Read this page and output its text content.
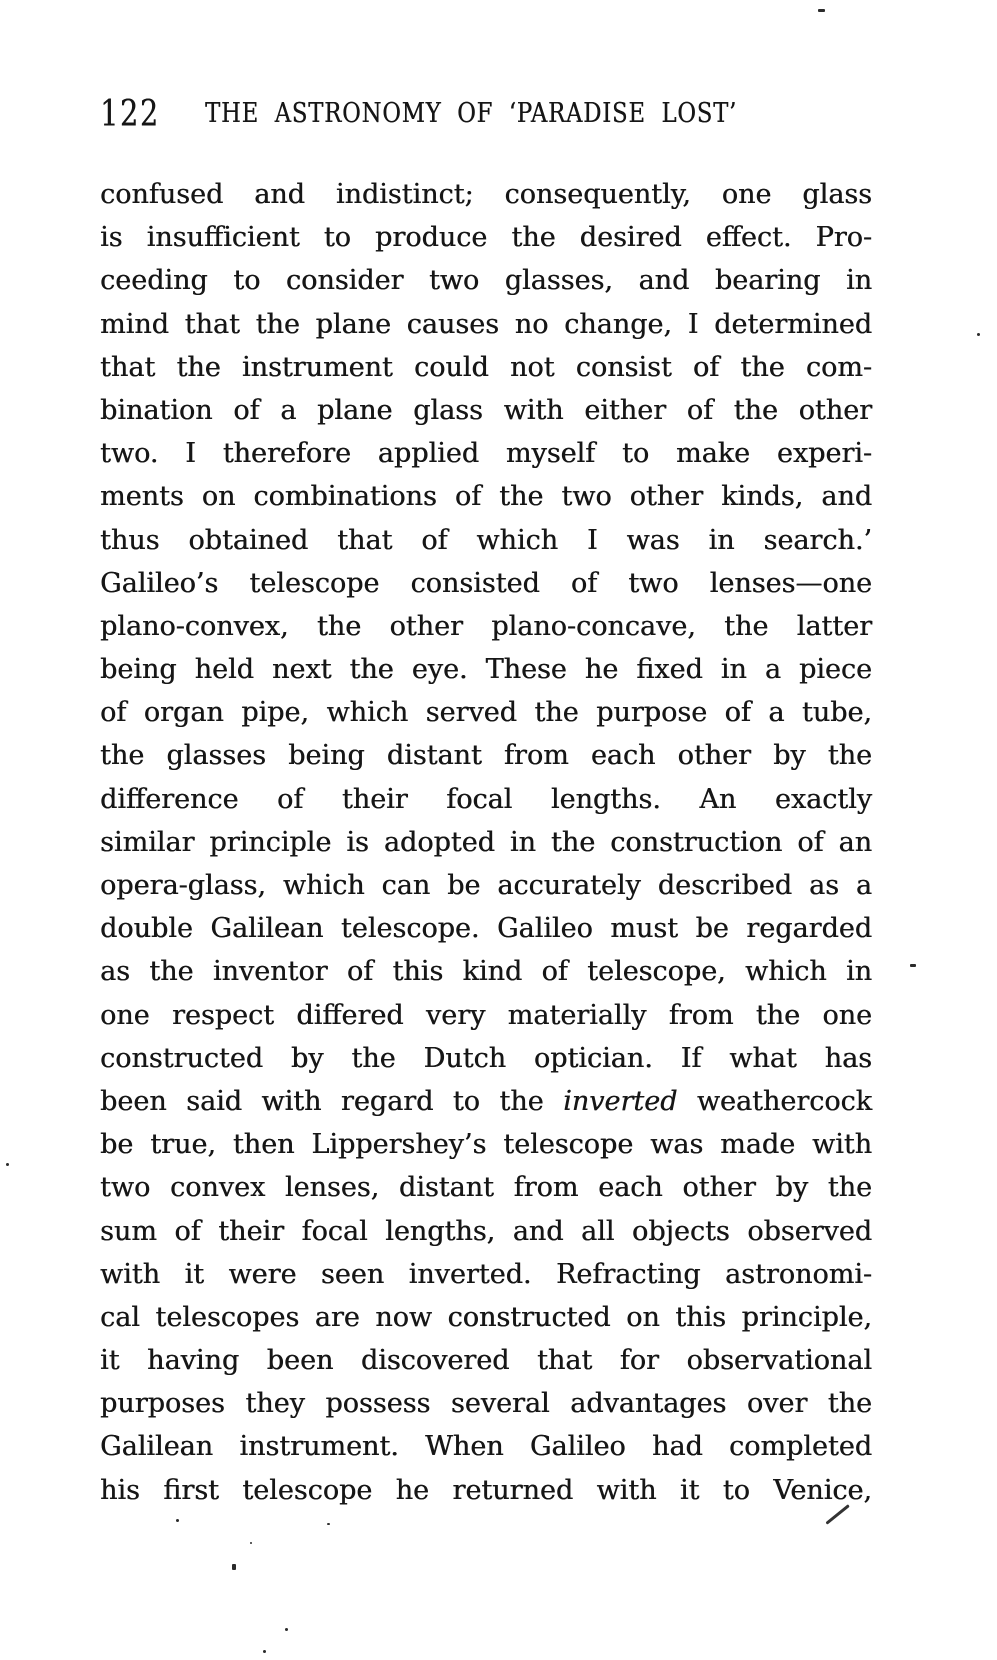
122 THE ASTRONOMY OF ‘PARADISE LOST’
confused and indistinct; consequently, one glass
is insufficient to produce the desired effect. Pro-
ceeding to consider two glasses, and bearing in
mind that the plane causes no change, I determined
that the instrument could not consist of the com-
bination of a plane glass with either of the other
two. I therefore applied myself to make experi-
ments on combinations of the two other kinds, and
thus obtained that of which I was in search.’
Galileo’s telescope consisted of two lenses—one
plano-convex, the other plano-concave, the latter
being held next the eye. These he fixed in a piece
of organ pipe, which served the purpose of a tube,
the glasses being distant from each other by the
difference of their focal lengths. An exactly
similar principle is adopted in the construction of an
opera-glass, which can be accurately described as a
double Galilean telescope. Galileo must be regarded
as the inventor of this kind of telescope, which in
one respect differed very materially from the one
constructed by the Dutch optician. If what has
been said with regard to the inverted weathercock
be true, then Lippershey’s telescope was made with
two convex lenses, distant from each other by the
sum of their focal lengths, and all objects observed
with it were seen inverted. Refracting astronomi-
cal telescopes are now constructed on this principle,
it having been discovered that for observational
purposes they possess several advantages over the
Galilean instrument. When Galileo had completed
his first telescope he returned with it to Venice,
